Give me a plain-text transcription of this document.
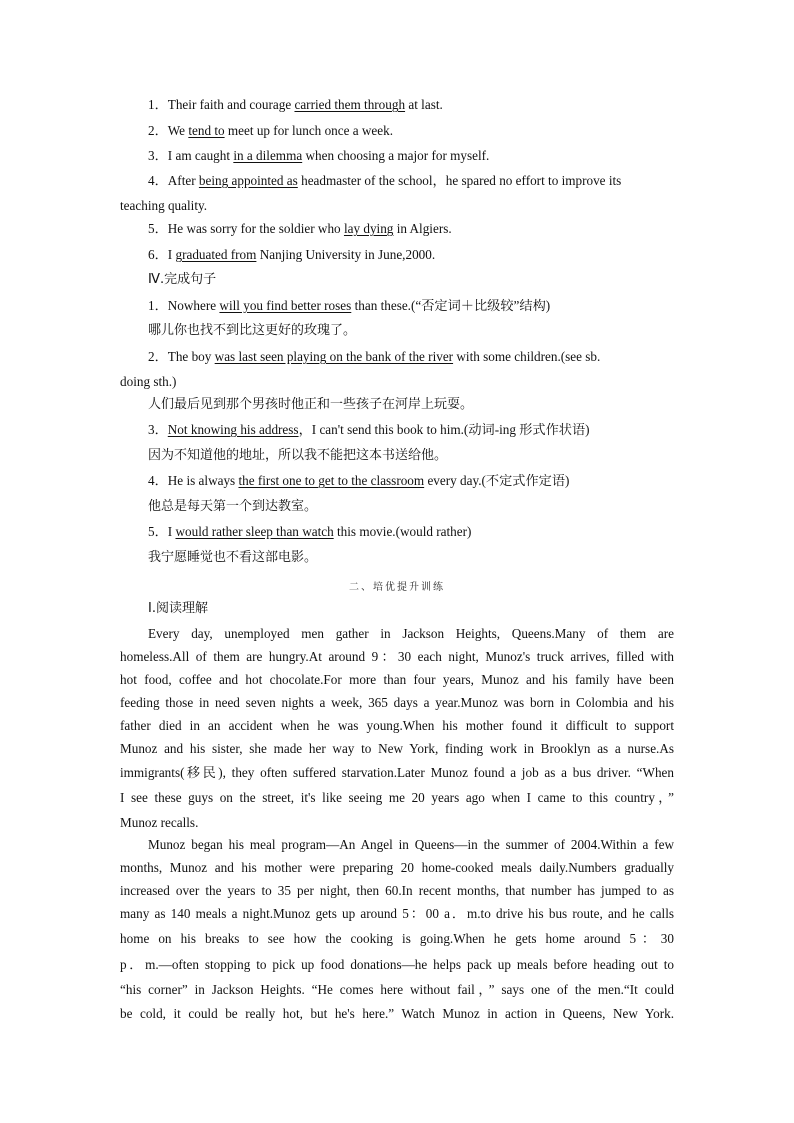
1．Their faith and courage carried them through at last.
2．We tend to meet up for lunch once a week.
3．I am caught in a dilemma when choosing a major for myself.
4．After being appointed as headmaster of the school，he spared no effort to improve its
teaching quality.
5．He was sorry for the soldier who lay dying in Algiers.
6．I graduated from Nanjing University in June,2000.
Ⅳ.完成句子
1．Nowhere will you find better roses than these.(“否定词＋比级较”结构)
哪儿你也找不到比这更好的玫瑰了。
2．The boy was last seen playing on the bank of the river with some children.(see sb.
doing sth.)
人们最后见到那个男孩时他正和一些孩子在河岸上玩耍。
3．Not knowing his address，I can't send this book to him.(动词-ing 形式作状语)
因为不知道他的地址，所以我不能把这本书送给他。
4．He is always the first one to get to the classroom every day.(不定式作定语)
他总是每天第一个到达教室。
5．I would rather sleep than watch this movie.(would rather)
我宁愿睡觉也不看这部电影。
二、培优提升训练
Ⅰ.阅读理解
Every day, unemployed men gather in Jackson Heights, Queens.Many of them are
homeless.All of them are hungry.At around 9：30 each night, Munoz's truck arrives, filled with
hot food, coffee and hot chocolate.For more than four years, Munoz and his family have been
feeding those in need seven nights a week, 365 days a year.Munoz was born in Colombia and his
father died in an accident when he was young.When his mother found it difficult to support
Munoz and his sister, she made her way to New York, finding work in Brooklyn as a nurse.As
immigrants(移民), they often suffered starvation.Later Munoz found a job as a bus driver. “When
I see these guys on the street, it's like seeing me 20 years ago when I came to this country，”
Munoz recalls.
Munoz began his meal program—An Angel in Queens—in the summer of 2004.Within a few
months, Munoz and his mother were preparing 20 home-cooked meals daily.Numbers gradually
increased over the years to 35 per night, then 60.In recent months, that number has jumped to as
many as 140 meals a night.Munoz gets up around 5：00 a．m.to drive his bus route, and he calls
home on his breaks to see how the cooking is going.When he gets home around 5：30
p．m.—often stopping to pick up food donations—he helps pack up meals before heading out to
“his corner” in Jackson Heights. “He comes here without fail，” says one of the men.“It could
be cold, it could be really hot, but he's here.” Watch Munoz in action in Queens, New York.
